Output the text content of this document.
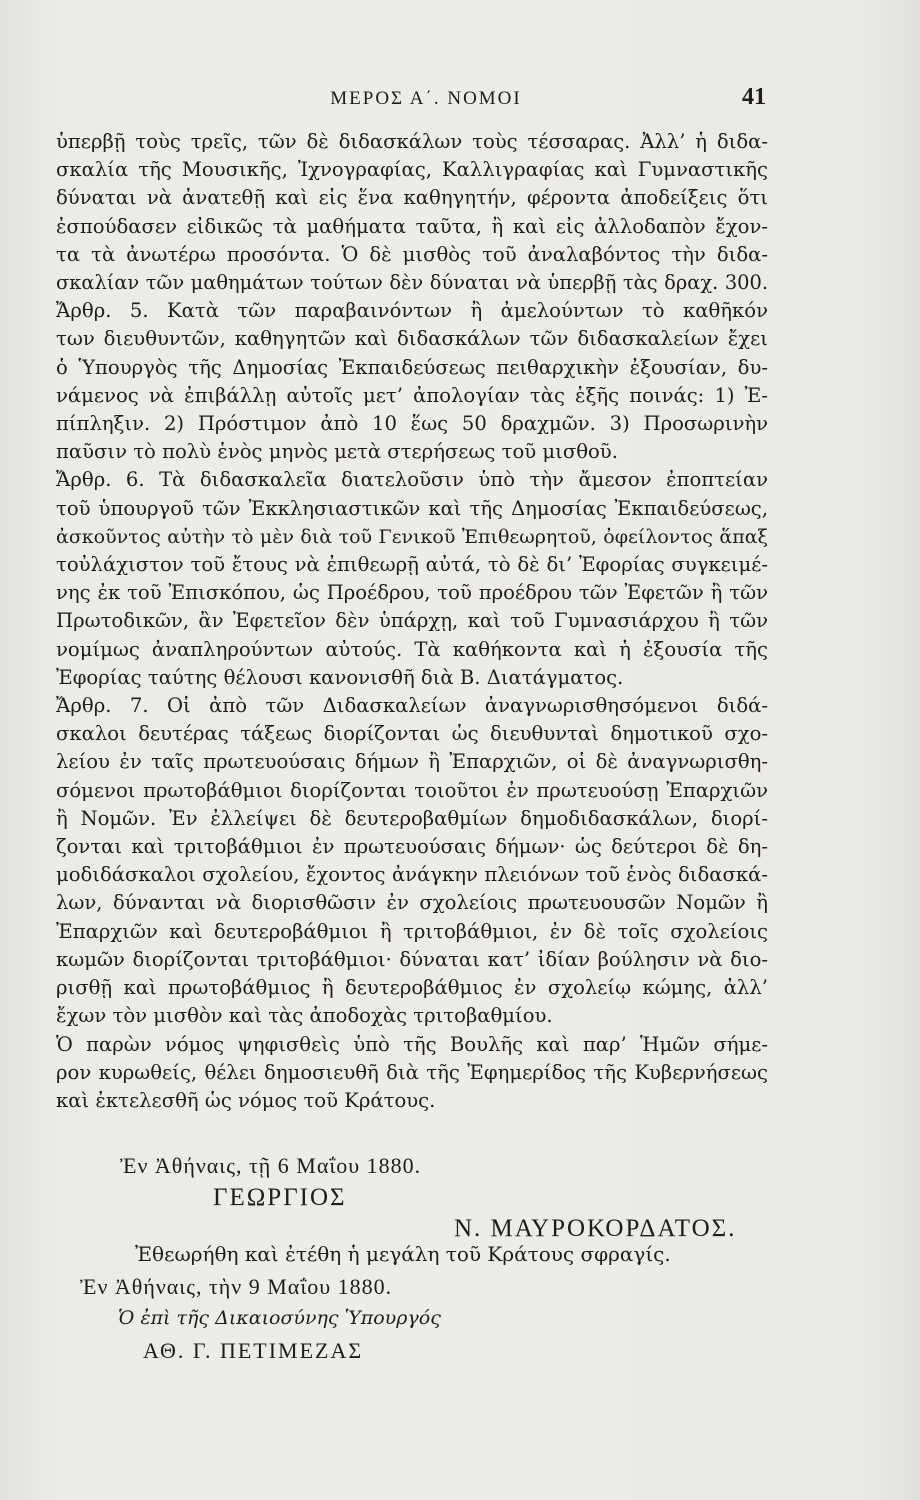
ΜΕΡΟΣ Α΄. ΝΟΜΟΙ	41
ὑπερβῇ τοὺς τρεῖς, τῶν δὲ διδασκάλων τοὺς τέσσαρας. Ἀλλ’ ἡ διδα-
σκαλία τῆς Μουσικῆς, Ἰχνογραφίας, Καλλιγραφίας καὶ Γυμναστικῆς
δύναται νὰ ἀνατεθῇ καὶ εἰς ἕνα καθηγητήν, φέροντα ἀποδείξεις ὅτι
ἐσπούδασεν εἰδικῶς τὰ μαθήματα ταῦτα, ἢ καὶ εἰς ἀλλοδαπὸν ἔχον-
τα τὰ ἀνωτέρω προσόντα. Ὁ δὲ μισθὸς τοῦ ἀναλαβόντος τὴν διδα-
σκαλίαν τῶν μαθημάτων τούτων δὲν δύναται νὰ ὑπερβῇ τὰς δραχ. 300.
Ἄρθρ. 5. Κατὰ τῶν παραβαινόντων ἢ ἀμελούντων τὸ καθῆκόν
των διευθυντῶν, καθηγητῶν καὶ διδασκάλων τῶν διδασκαλείων ἔχει
ὁ Ὑπουργὸς τῆς Δημοσίας Ἐκπαιδεύσεως πειθαρχικὴν ἐξουσίαν, δυ-
νάμενος νὰ ἐπιβάλλῃ αὐτοῖς μετ’ ἀπολογίαν τὰς ἑξῆς ποινάς: 1) Ἐ-
πίπληξιν. 2) Πρόστιμον ἀπὸ 10 ἕως 50 δραχμῶν. 3) Προσωρινὴν
παῦσιν τὸ πολὺ ἑνὸς μηνὸς μετὰ στερήσεως τοῦ μισθοῦ.
Ἄρθρ. 6. Τὰ διδασκαλεῖα διατελοῦσιν ὑπὸ τὴν ἄμεσον ἐποπτείαν
τοῦ ὑπουργοῦ τῶν Ἐκκλησιαστικῶν καὶ τῆς Δημοσίας Ἐκπαιδεύσεως,
ἀσκοῦντος αὐτὴν τὸ μὲν διὰ τοῦ Γενικοῦ Ἐπιθεωρητοῦ, ὀφείλοντος ἅπαξ
τοὐλάχιστον τοῦ ἔτους νὰ ἐπιθεωρῇ αὐτά, τὸ δὲ δι’ Ἐφορίας συγκειμέ-
νης ἐκ τοῦ Ἐπισκόπου, ὡς Προέδρου, τοῦ προέδρου τῶν Ἐφετῶν ἢ τῶν
Πρωτοδικῶν, ἂν Ἐφετεῖον δὲν ὑπάρχῃ, καὶ τοῦ Γυμνασιάρχου ἢ τῶν
νομίμως ἀναπληρούντων αὐτούς. Τὰ καθήκοντα καὶ ἡ ἐξουσία τῆς
Ἐφορίας ταύτης θέλουσι κανονισθῆ διὰ Β. Διατάγματος.
Ἄρθρ. 7. Οἱ ἀπὸ τῶν Διδασκαλείων ἀναγνωρισθησόμενοι διδά-
σκαλοι δευτέρας τάξεως διορίζονται ὡς διευθυνταὶ δημοτικοῦ σχο-
λείου ἐν ταῖς πρωτευούσαις δήμων ἢ Ἐπαρχιῶν, οἱ δὲ ἀναγνωρισθη-
σόμενοι πρωτοβάθμιοι διορίζονται τοιοῦτοι ἐν πρωτευούσῃ Ἐπαρχιῶν
ἢ Νομῶν. Ἐν ἐλλείψει δὲ δευτεροβαθμίων δημοδιδασκάλων, διορί-
ζονται καὶ τριτοβάθμιοι ἐν πρωτευούσαις δήμων· ὡς δεύτεροι δὲ δη-
μοδιδάσκαλοι σχολείου, ἔχοντος ἀνάγκην πλειόνων τοῦ ἑνὸς διδασκά-
λων, δύνανται νὰ διορισθῶσιν ἐν σχολείοις πρωτευουσῶν Νομῶν ἢ
Ἐπαρχιῶν καὶ δευτεροβάθμιοι ἢ τριτοβάθμιοι, ἐν δὲ τοῖς σχολείοις
κωμῶν διορίζονται τριτοβάθμιοι· δύναται κατ’ ἰδίαν βούλησιν νὰ διο-
ρισθῇ καὶ πρωτοβάθμιος ἢ δευτεροβάθμιος ἐν σχολείῳ κώμης, ἀλλ’
ἔχων τὸν μισθὸν καὶ τὰς ἀποδοχὰς τριτοβαθμίου.
Ὁ παρὼν νόμος ψηφισθεὶς ὑπὸ τῆς Βουλῆς καὶ παρ’ Ἡμῶν σήμε-
ρον κυρωθείς, θέλει δημοσιευθῆ διὰ τῆς Ἐφημερίδος τῆς Κυβερνήσεως
καὶ ἐκτελεσθῆ ὡς νόμος τοῦ Κράτους.
Ἐν Ἀθήναις, τῇ 6 Μαΐου 1880.
ΓΕΩΡΓΙΟΣ
Ν. ΜΑΥΡΟΚΟΡΔΑΤΟΣ.
Ἐθεωρήθη καὶ ἐτέθη ἡ μεγάλη τοῦ Κράτους σφραγίς.
Ἐν Ἀθήναις, τὴν 9 Μαΐου 1880.
Ὁ ἐπὶ τῆς Δικαιοσύνης Ὑπουργός
ΑΘ. Γ. ΠΕΤΙΜΕΖΑΣ
